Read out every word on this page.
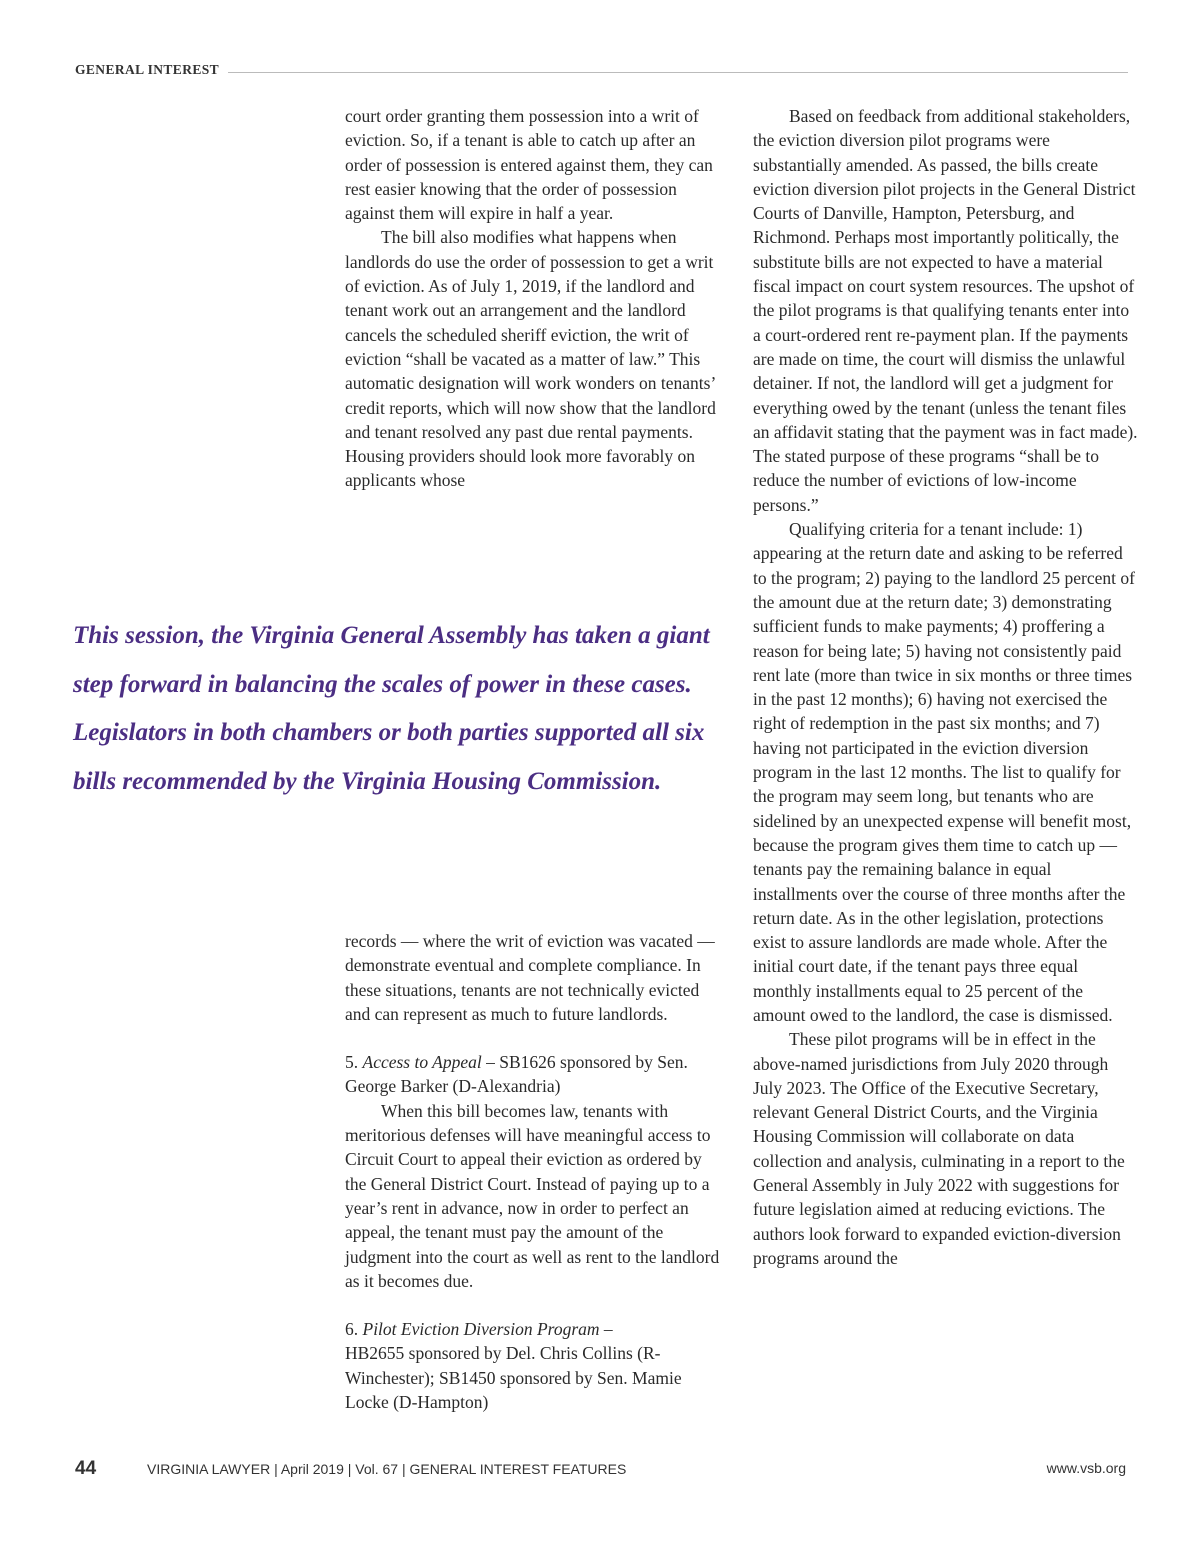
GENERAL INTEREST

court order granting them possession into a writ of eviction. So, if a tenant is able to catch up after an order of possession is entered against them, they can rest easier knowing that the order of possession against them will expire in half a year.

The bill also modifies what happens when landlords do use the order of possession to get a writ of eviction. As of July 1, 2019, if the landlord and tenant work out an arrangement and the landlord cancels the scheduled sheriff eviction, the writ of eviction “shall be vacated as a matter of law.” This automatic designation will work wonders on tenants’ credit reports, which will now show that the landlord and tenant resolved any past due rental payments. Housing providers should look more favorably on applicants whose

This session, the Virginia General Assembly has taken a giant step forward in balancing the scales of power in these cases. Legislators in both chambers or both parties supported all six bills recommended by the Virginia Housing Commission.

records — where the writ of eviction was vacated — demonstrate eventual and complete compliance. In these situations, tenants are not technically evicted and can represent as much to future landlords.

5. Access to Appeal – SB1626 sponsored by Sen. George Barker (D-Alexandria)

When this bill becomes law, tenants with meritorious defenses will have meaningful access to Circuit Court to appeal their eviction as ordered by the General District Court. Instead of paying up to a year’s rent in advance, now in order to perfect an appeal, the tenant must pay the amount of the judgment into the court as well as rent to the landlord as it becomes due.

6. Pilot Eviction Diversion Program –
HB2655 sponsored by Del. Chris Collins (R-Winchester); SB1450 sponsored by Sen. Mamie Locke (D-Hampton)

Based on feedback from additional stakeholders, the eviction diversion pilot programs were substantially amended. As passed, the bills create eviction diversion pilot projects in the General District Courts of Danville, Hampton, Petersburg, and Richmond. Perhaps most importantly politically, the substitute bills are not expected to have a material fiscal impact on court system resources. The upshot of the pilot programs is that qualifying tenants enter into a court-ordered rent re-payment plan. If the payments are made on time, the court will dismiss the unlawful detainer. If not, the landlord will get a judgment for everything owed by the tenant (unless the tenant files an affidavit stating that the payment was in fact made). The stated purpose of these programs “shall be to reduce the number of evictions of low-income persons.”

Qualifying criteria for a tenant include: 1) appearing at the return date and asking to be referred to the program; 2) paying to the landlord 25 percent of the amount due at the return date; 3) demonstrating sufficient funds to make payments; 4) proffering a reason for being late; 5) having not consistently paid rent late (more than twice in six months or three times in the past 12 months); 6) having not exercised the right of redemption in the past six months; and 7) having not participated in the eviction diversion program in the last 12 months. The list to qualify for the program may seem long, but tenants who are sidelined by an unexpected expense will benefit most, because the program gives them time to catch up — tenants pay the remaining balance in equal installments over the course of three months after the return date. As in the other legislation, protections exist to assure landlords are made whole. After the initial court date, if the tenant pays three equal monthly installments equal to 25 percent of the amount owed to the landlord, the case is dismissed.

These pilot programs will be in effect in the above-named jurisdictions from July 2020 through July 2023. The Office of the Executive Secretary, relevant General District Courts, and the Virginia Housing Commission will collaborate on data collection and analysis, culminating in a report to the General Assembly in July 2022 with suggestions for future legislation aimed at reducing evictions. The authors look forward to expanded eviction-diversion programs around the

44	VIRGINIA LAWYER | April 2019 | Vol. 67 | GENERAL INTEREST FEATURES	www.vsb.org
